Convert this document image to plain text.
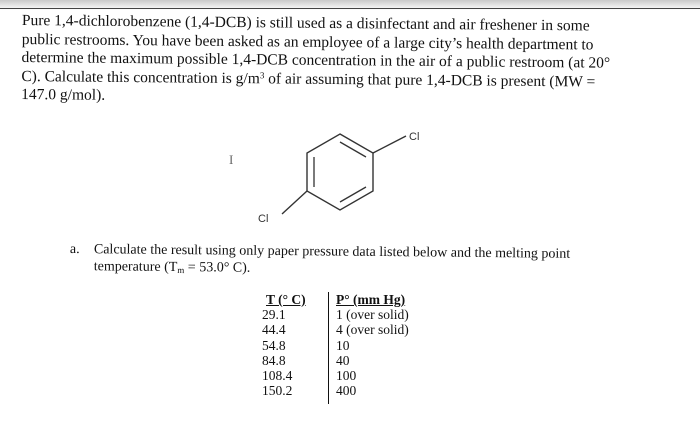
Pure 1,4-dichlorobenzene (1,4-DCB) is still used as a disinfectant and air freshener in some
public restrooms. You have been asked as an employee of a large city’s health department to
determine the maximum possible 1,4-DCB concentration in the air of a public restroom (at 20°
C). Calculate this concentration is $g/m^3$ of air assuming that pure 1,4-DCB is present (MW =
147.0 g/mol).
I
Cl
Cl
a. Calculate the result using only paper pressure data listed below and the melting point
temperature ($T_m = 53.0^\circ$ C).
T (° C)
29.1
44.4
54.8
84.8
108.4
150.2
P° (mm Hg)
1 (over solid)
4 (over solid)
10
40
100
400
